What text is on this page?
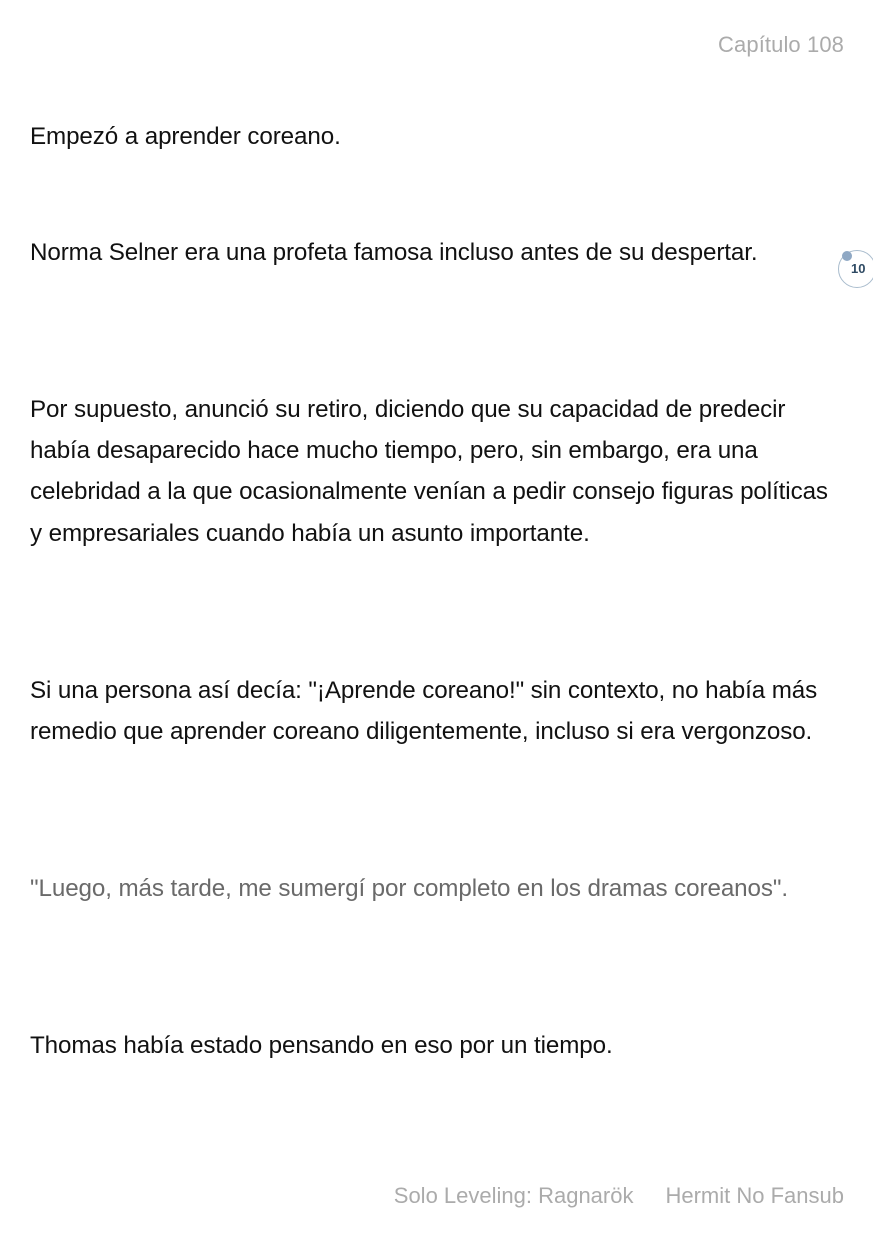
Capítulo 108

Empezó a aprender coreano.

Norma Selner era una profeta famosa incluso antes de su despertar.

Por supuesto, anunció su retiro, diciendo que su capacidad de predecir había desaparecido hace mucho tiempo, pero, sin embargo, era una celebridad a la que ocasionalmente venían a pedir consejo figuras políticas y empresariales cuando había un asunto importante.

Si una persona así decía: "¡Aprende coreano!" sin contexto, no había más remedio que aprender coreano diligentemente, incluso si era vergonzoso.

"Luego, más tarde, me sumergí por completo en los dramas coreanos".

Thomas había estado pensando en eso por un tiempo.

10
Solo Leveling: Ragnarök Hermit No Fansub
